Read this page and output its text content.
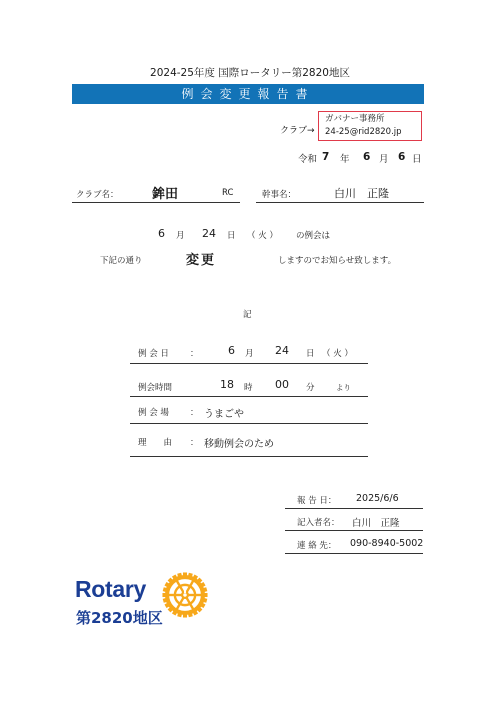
2024-25年度 国際ロータリー第2820地区
例会変更報告書
クラブ→
ガバナー事務所
24-25@rid2820.jp
令和 7 年 6 月 6 日
クラブ名：	鉾田	RC	幹事名：	白川　正隆
6 月 24 日 （ 火 ） の例会は
下記の通り	変更	しますのでお知らせ致します。
記
例 会 日 ：	6 月 24 日 （ 火 ）
例会時間	18 時 00 分	より
例 会 場 ： うまごや
理　　由 ： 移動例会のため
報 告 日： 2025/6/6
記入者名： 白川　正隆
連 絡 先： 090-8940-5002
Rotary
第2820地区
